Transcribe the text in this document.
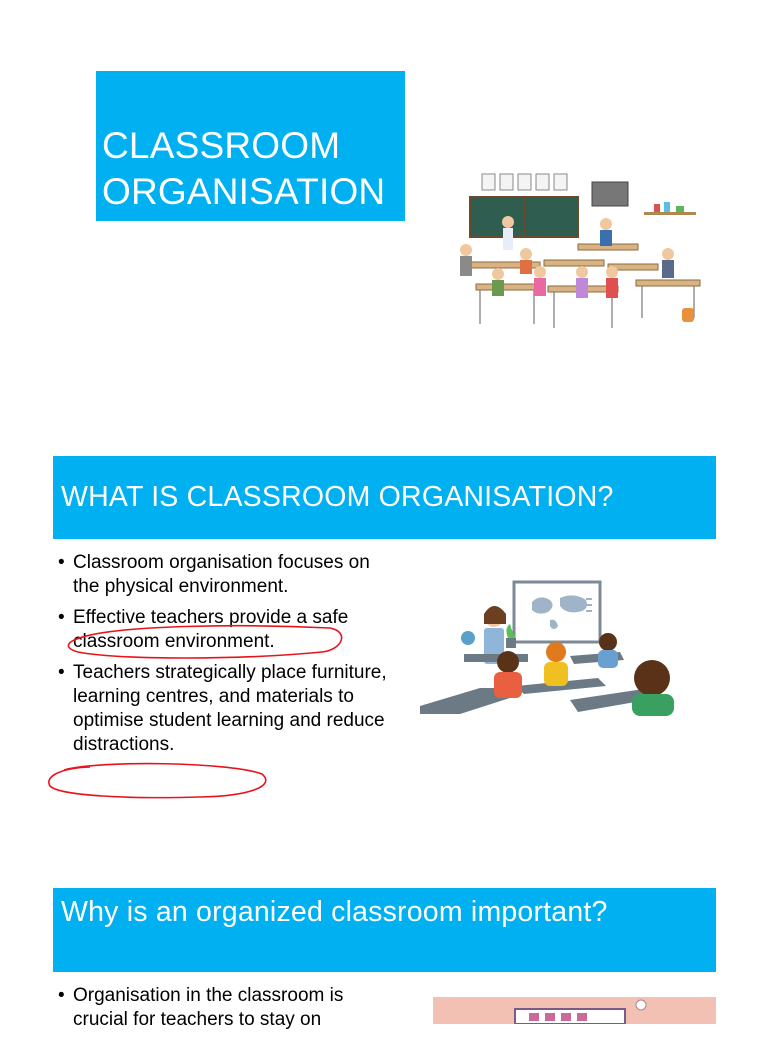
CLASSROOM
ORGANISATION
WHAT IS CLASSROOM ORGANISATION?
• Classroom organisation focuses on the physical environment.
• Effective teachers provide a safe classroom environment.
• Teachers strategically place furniture, learning centres, and materials to optimise student learning and reduce distractions.
Why is an organized classroom important?
• Organisation in the classroom is crucial for teachers to stay on
